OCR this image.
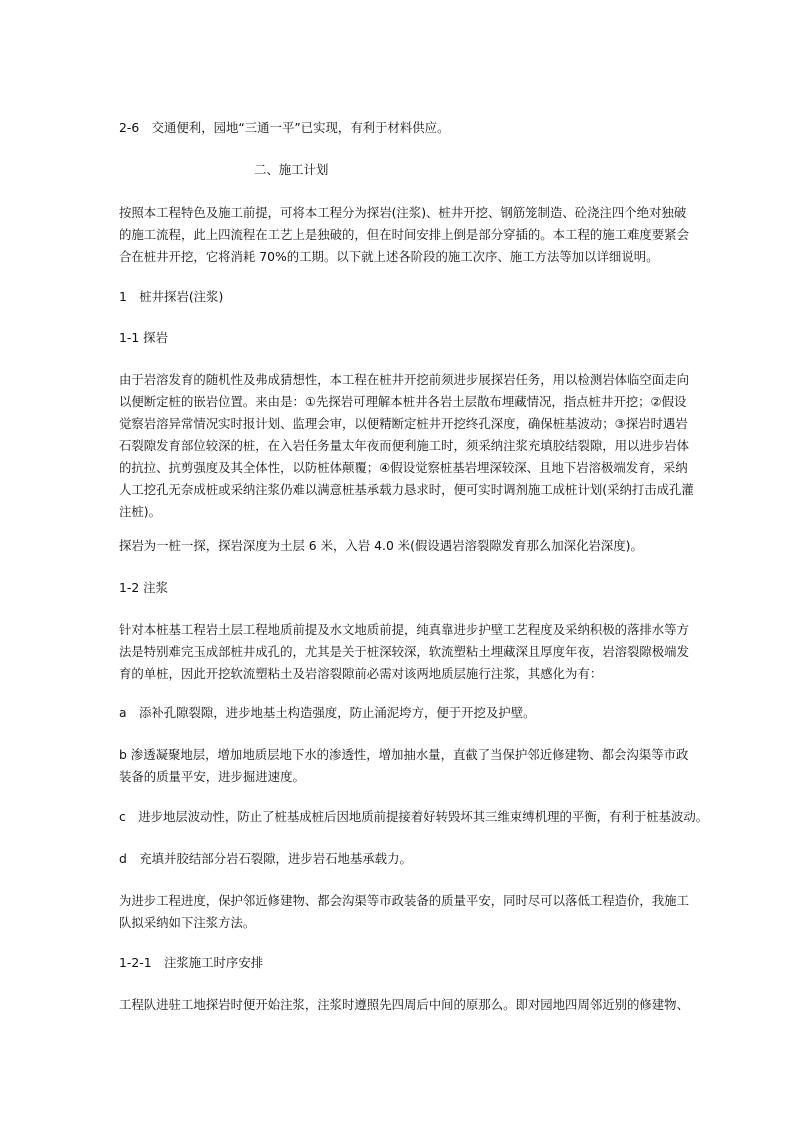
2-6　交通便利，园地“三通一平”已实现，有利于材料供应。
二、施工计划
按照本工程特色及施工前提，可将本工程分为探岩(注浆)、桩井开挖、钢筋笼制造、砼浇注四个绝对独破
的施工流程，此上四流程在工艺上是独破的，但在时间安排上倒是部分穿插的。本工程的施工难度要紧会
合在桩井开挖，它将消耗 70%的工期。以下就上述各阶段的施工次序、施工方法等加以详细说明。
1　桩井探岩(注浆)
1-1 探岩
由于岩溶发育的随机性及弗成猜想性，本工程在桩井开挖前须进步展探岩任务，用以检测岩体临空面走向
以便断定桩的嵌岩位置。来由是：①先探岩可理解本桩井各岩土层散布埋藏情况，指点桩井开挖；②假设
觉察岩溶异常情况实时报计划、监理会审，以便精断定桩井开挖终孔深度，确保桩基波动；③探岩时遇岩
石裂隙发育部位较深的桩，在入岩任务量太年夜而便利施工时，须采纳注浆充填胶结裂隙，用以进步岩体
的抗拉、抗剪强度及其全体性，以防桩体颠覆；④假设觉察桩基岩埋深较深、且地下岩溶极端发育，采纳
人工挖孔无奈成桩或采纳注浆仍难以满意桩基承载力恳求时，便可实时调剂施工成桩计划(采纳打击成孔灌
注桩)。
探岩为一桩一探，探岩深度为土层 6 米，入岩 4.0 米(假设遇岩溶裂隙发育那么加深化岩深度)。
1-2 注浆
针对本桩基工程岩土层工程地质前提及水文地质前提，纯真靠进步护壁工艺程度及采纳积极的落排水等方
法是特别难完玉成部桩井成孔的，尤其是关于桩深较深，软流塑粘土埋藏深且厚度年夜，岩溶裂隙极端发
育的单桩，因此开挖软流塑粘土及岩溶裂隙前必需对该两地质层施行注浆，其感化为有：
a　添补孔隙裂隙，进步地基土构造强度，防止涌泥垮方，便于开挖及护壁。
b 渗透凝聚地层，增加地质层地下水的渗透性，增加抽水量，直截了当保护邻近修建物、都会沟渠等市政
装备的质量平安，进步掘进速度。
c　进步地层波动性，防止了桩基成桩后因地质前提接着好转毁坏其三维束缚机理的平衡，有利于桩基波动。
d　充填并胶结部分岩石裂隙，进步岩石地基承载力。
为进步工程进度，保护邻近修建物、都会沟渠等市政装备的质量平安，同时尽可以落低工程造价，我施工
队拟采纳如下注浆方法。
1-2-1　注浆施工时序安排
工程队进驻工地探岩时便开始注浆，注浆时遵照先四周后中间的原那么。即对园地四周邻近别的修建物、
